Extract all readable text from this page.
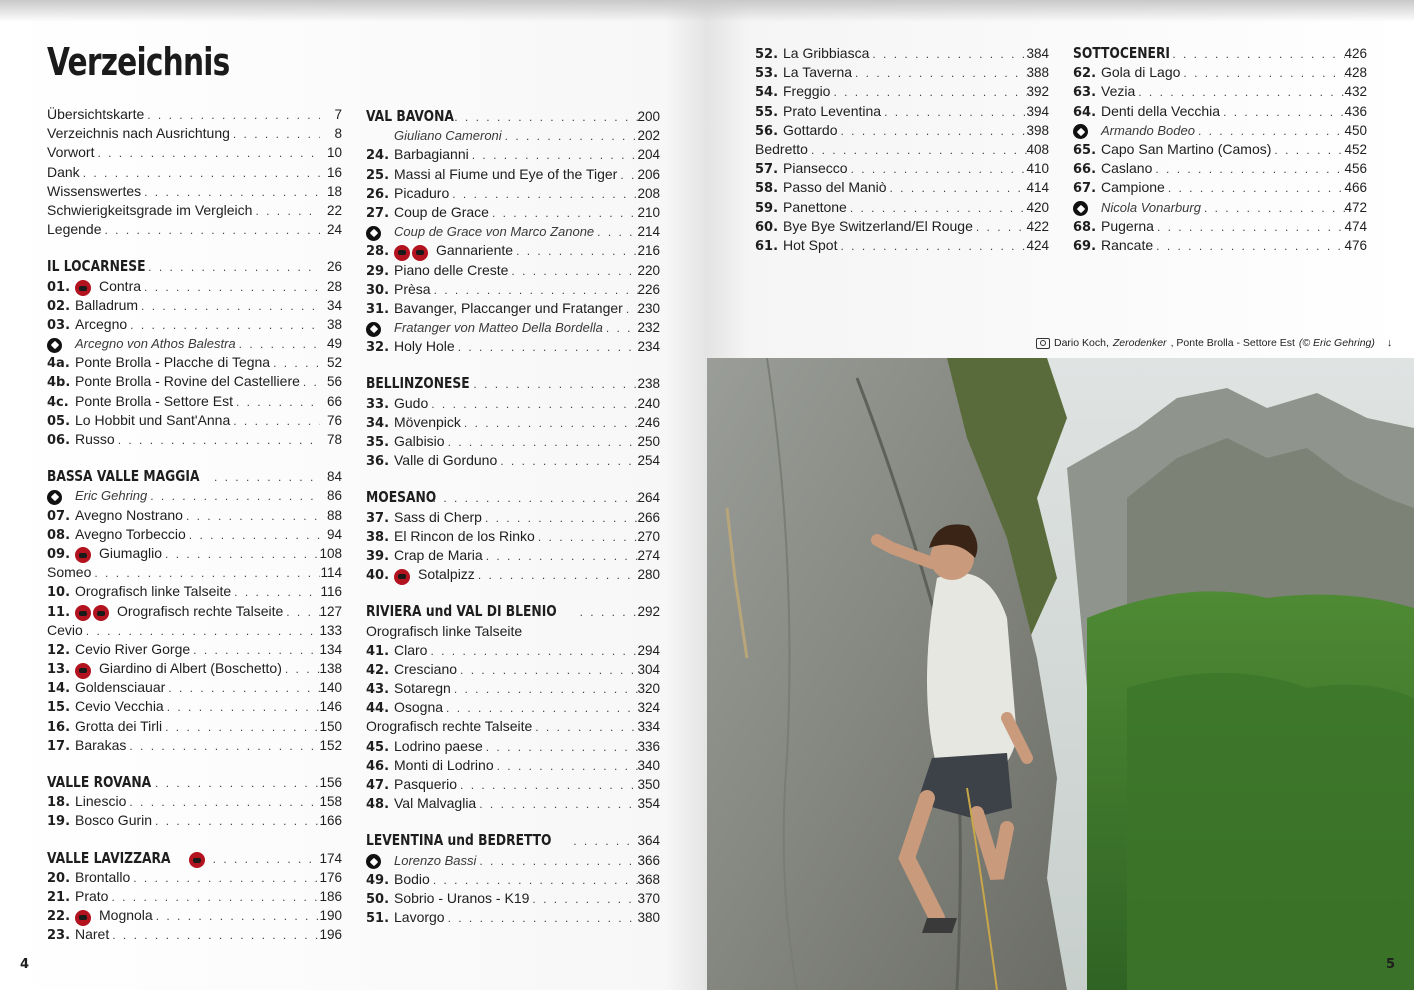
Verzeichnis
Übersichtskarte . . .	7
Verzeichnis nach Ausrichtung . . .	8
Vorwort . . .	10
Dank . . .	16
Wissenswertes . . .	18
Schwierigkeitsgrade im Vergleich . . .	22
Legende . . .	24
IL LOCARNESE . . .	26
01.	Contra . . .	28
02. Balladrum . . .	34
03. Arcegno . . .	38
Arcegno von Athos Balestra . . .	49
4a. Ponte Brolla - Placche di Tegna . . .	52
4b. Ponte Brolla - Rovine del Castelliere . . . 56
4c. Ponte Brolla - Settore Est . . .	66
05. Lo Hobbit und Sant'Anna . . .	76
06. Russo . . .	78
BASSA VALLE MAGGIA . . .	84
Eric Gehring . . .	86
07. Avegno Nostrano . . .	88
08. Avegno Torbeccio . . .	94
09.	Giumaglio . . .	108
Someo . . .	114
10. Orografisch linke Talseite . . .	116
11.	Orografisch rechte Talseite . . .	127
Cevio . . .	133
12. Cevio River Gorge . . .	134
13.	Giardino di Albert (Boschetto) . . .	138
14. Goldensciauar . . .	140
15. Cevio Vecchia . . .	146
16. Grotta dei Tirli . . .	150
17. Barakas . . .	152
VALLE ROVANA . . .	156
18. Linescio . . .	158
19. Bosco Gurin . . .	166
VALLE LAVIZZARA . . .	174
20. Brontallo . . .	176
21. Prato . . .	186
22.	Mognola . . .	190
23. Naret . . .	196
VAL BAVONA . . .	200
Giuliano Cameroni . . .	202
24. Barbagianni . . .	204
25. Massi al Fiume und Eye of the Tiger . . . 206
26. Picaduro . . .	208
27. Coup de Grace . . .	210
Coup de Grace von Marco Zanone . . .	214
28.	Gannariente . . .	216
29. Piano delle Creste . . .	220
30. Prèsa . . .	226
31. Bavanger, Placcanger und Fratanger . . . 230
Fratanger von Matteo Della Bordella . . .	232
32. Holy Hole . . .	234
BELLINZONESE . . .	238
33. Gudo . . .	240
34. Mövenpick . . .	246
35. Galbisio . . .	250
36. Valle di Gorduno . . .	254
MOESANO . . .	264
37. Sass di Cherp . . .	266
38. El Rincon de los Rinko . . .	270
39. Crap de Maria . . .	274
40.	Sotalpizz . . .	280
RIVIERA und VAL DI BLENIO . . .	292
Orografisch linke Talseite
41. Claro . . .	294
42. Cresciano . . .	304
43. Sotaregn . . .	320
44. Osogna . . .	324
Orografisch rechte Talseite . . .	334
45. Lodrino paese . . .	336
46. Monti di Lodrino . . .	340
47. Pasquerio . . .	350
48. Val Malvaglia . . .	354
LEVENTINA und BEDRETTO . . .	364
Lorenzo Bassi . . .	366
49. Bodio . . .	368
50. Sobrio - Uranos - K19 . . .	370
51. Lavorgo . . .	380
52. La Gribbiasca . . .	384
53. La Taverna . . .	388
54. Freggio . . .	392
55. Prato Leventina . . .	394
56. Gottardo . . .	398
Bedretto . . .	408
57. Piansecco . . .	410
58. Passo del Maniò . . .	414
59. Panettone . . .	420
60. Bye Bye Switzerland/El Rouge . . .	422
61. Hot Spot . . .	424
SOTTOCENERI . . .	426
62. Gola di Lago . . .	428
63. Vezia . . .	432
64. Denti della Vecchia . . .	436
Armando Bodeo . . .	450
65. Capo San Martino (Camos) . . .	452
66. Caslano . . .	456
67. Campione . . .	466
Nicola Vonarburg . . .	472
68. Pugerna . . .	474
69. Rancate . . .	476
Dario Koch, Zerodenker , Ponte Brolla - Settore Est (© Eric Gehring) ↓
4	5
